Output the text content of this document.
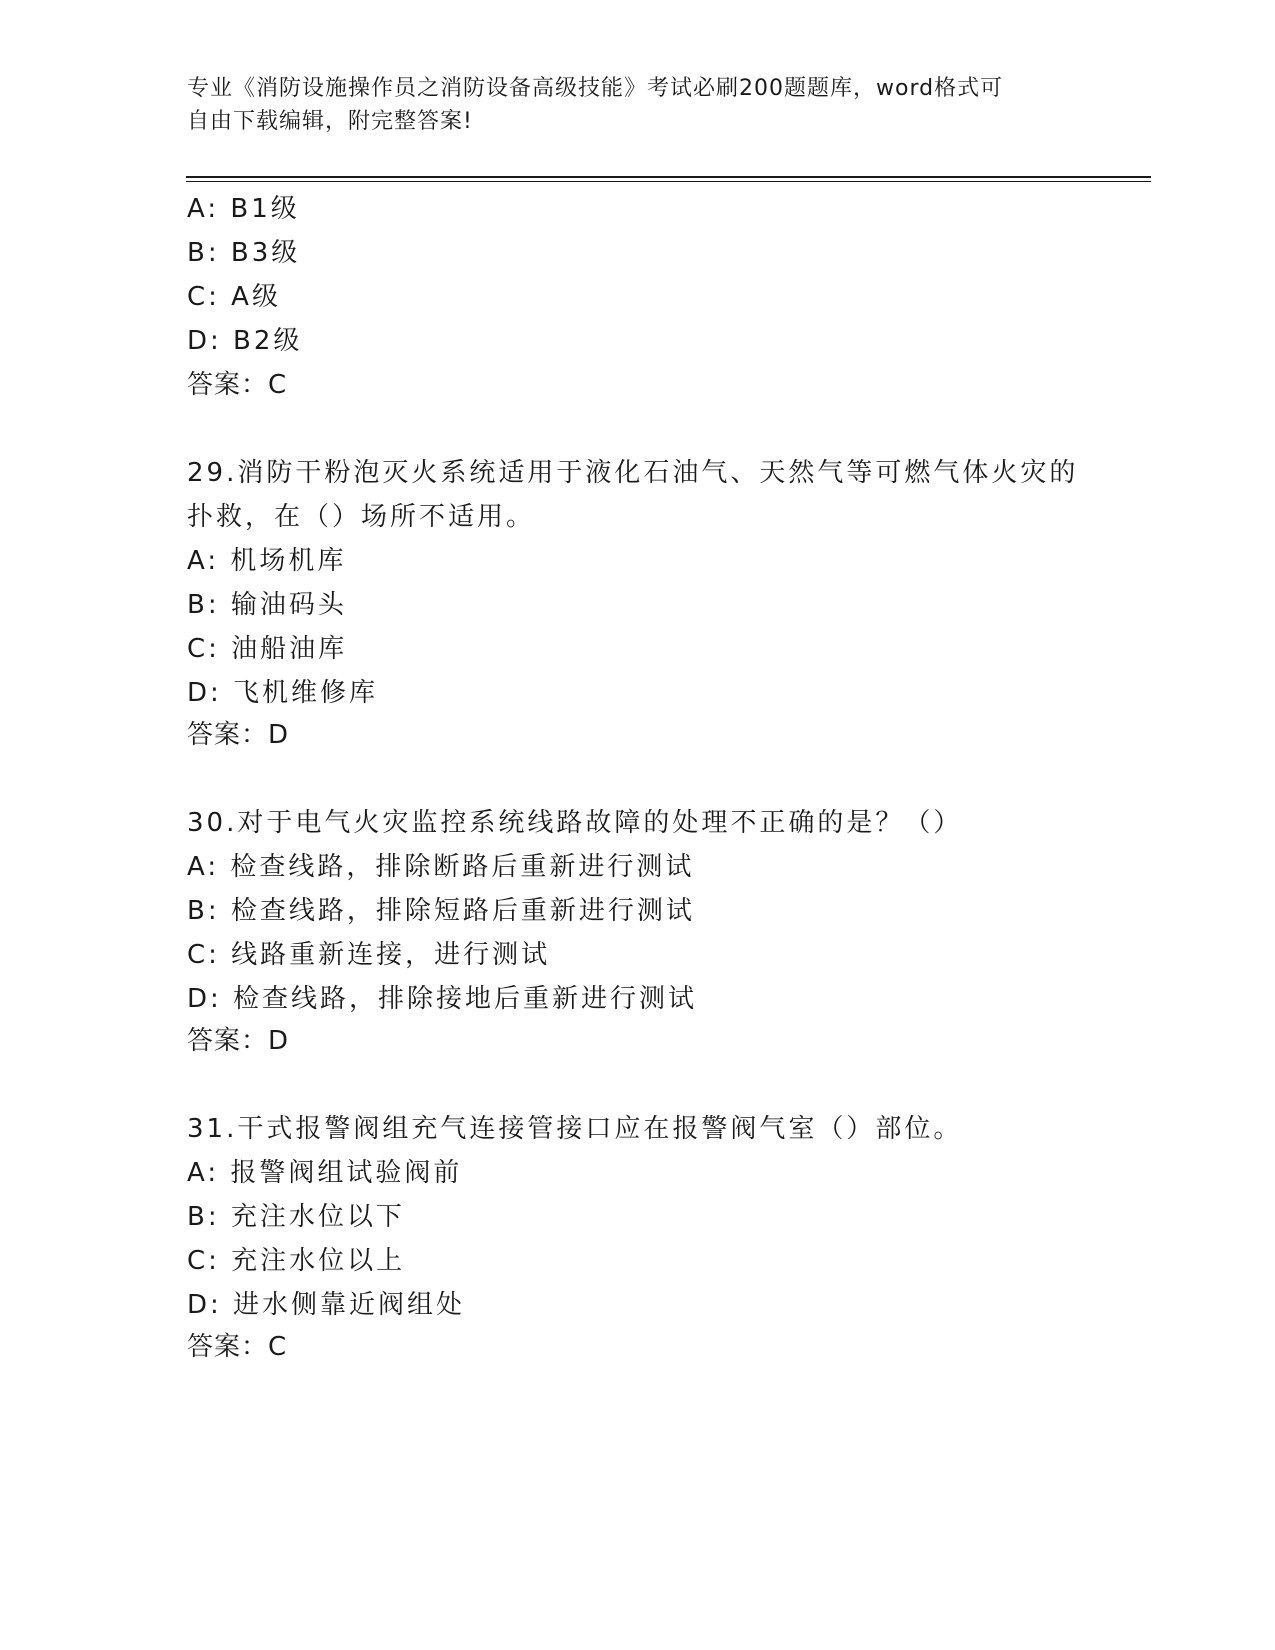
专业《消防设施操作员之消防设备高级技能》考试必刷200题题库，word格式可
自由下载编辑，附完整答案!
A: B1级
B: B3级
C: A级
D: B2级
答案：C
29.消防干粉泡灭火系统适用于液化石油气、天然气等可燃气体火灾的
扑救，在（）场所不适用。
A: 机场机库
B: 输油码头
C: 油船油库
D: 飞机维修库
答案：D
30.对于电气火灾监控系统线路故障的处理不正确的是？（）
A: 检查线路，排除断路后重新进行测试
B: 检查线路，排除短路后重新进行测试
C: 线路重新连接，进行测试
D: 检查线路，排除接地后重新进行测试
答案：D
31.干式报警阀组充气连接管接口应在报警阀气室（）部位。
A: 报警阀组试验阀前
B: 充注水位以下
C: 充注水位以上
D: 进水侧靠近阀组处
答案：C
